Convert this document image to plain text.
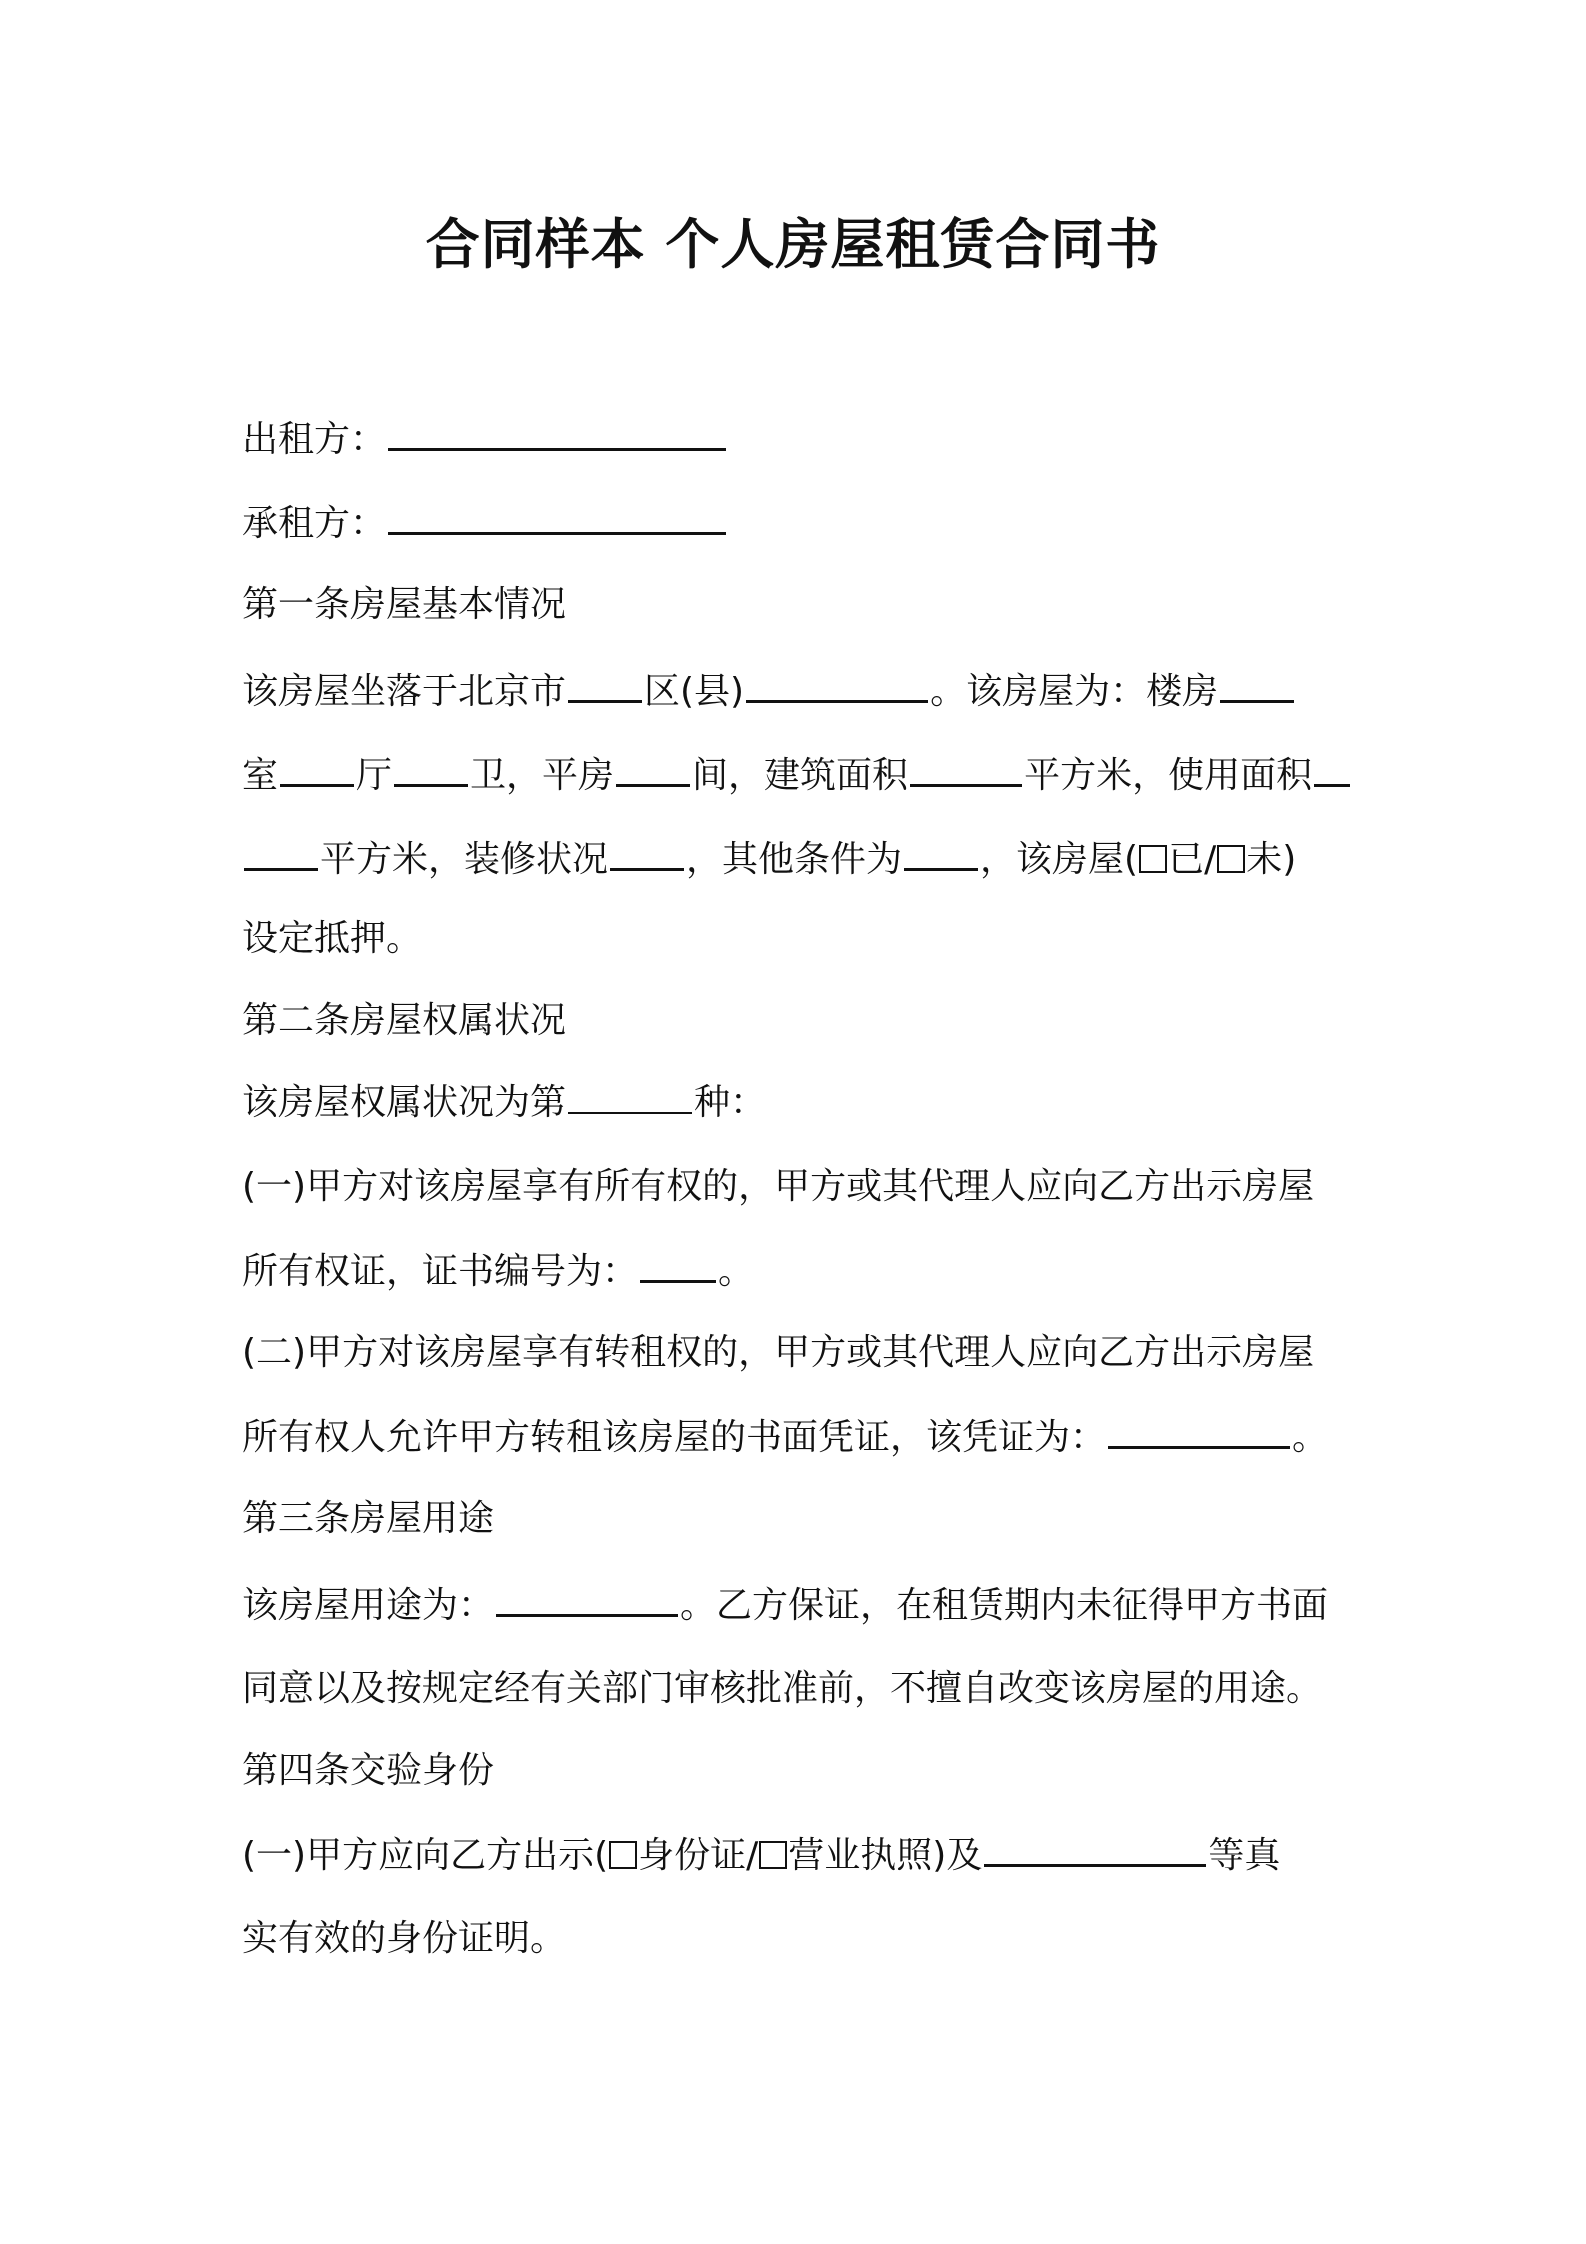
合同样本 个人房屋租赁合同书
出租方：
承租方：
第一条房屋基本情况
该房屋坐落于北京市 区(县)	。该房屋为：楼房
室 厅 卫，平房 间，建筑面积	平方米，使用面积
平方米，装修状况 ，其他条件为 ，该房屋( 已/ 未)
设定抵押。
第二条房屋权属状况
该房屋权属状况为第	种：
(一)甲方对该房屋享有所有权的，甲方或其代理人应向乙方出示房屋
所有权证，证书编号为： 。
(二)甲方对该房屋享有转租权的，甲方或其代理人应向乙方出示房屋
所有权人允许甲方转租该房屋的书面凭证，该凭证为：	。
第三条房屋用途
该房屋用途为：	。乙方保证，在租赁期内未征得甲方书面
同意以及按规定经有关部门审核批准前，不擅自改变该房屋的用途。
第四条交验身份
(一)甲方应向乙方出示( 身份证/ 营业执照)及	等真
实有效的身份证明。
